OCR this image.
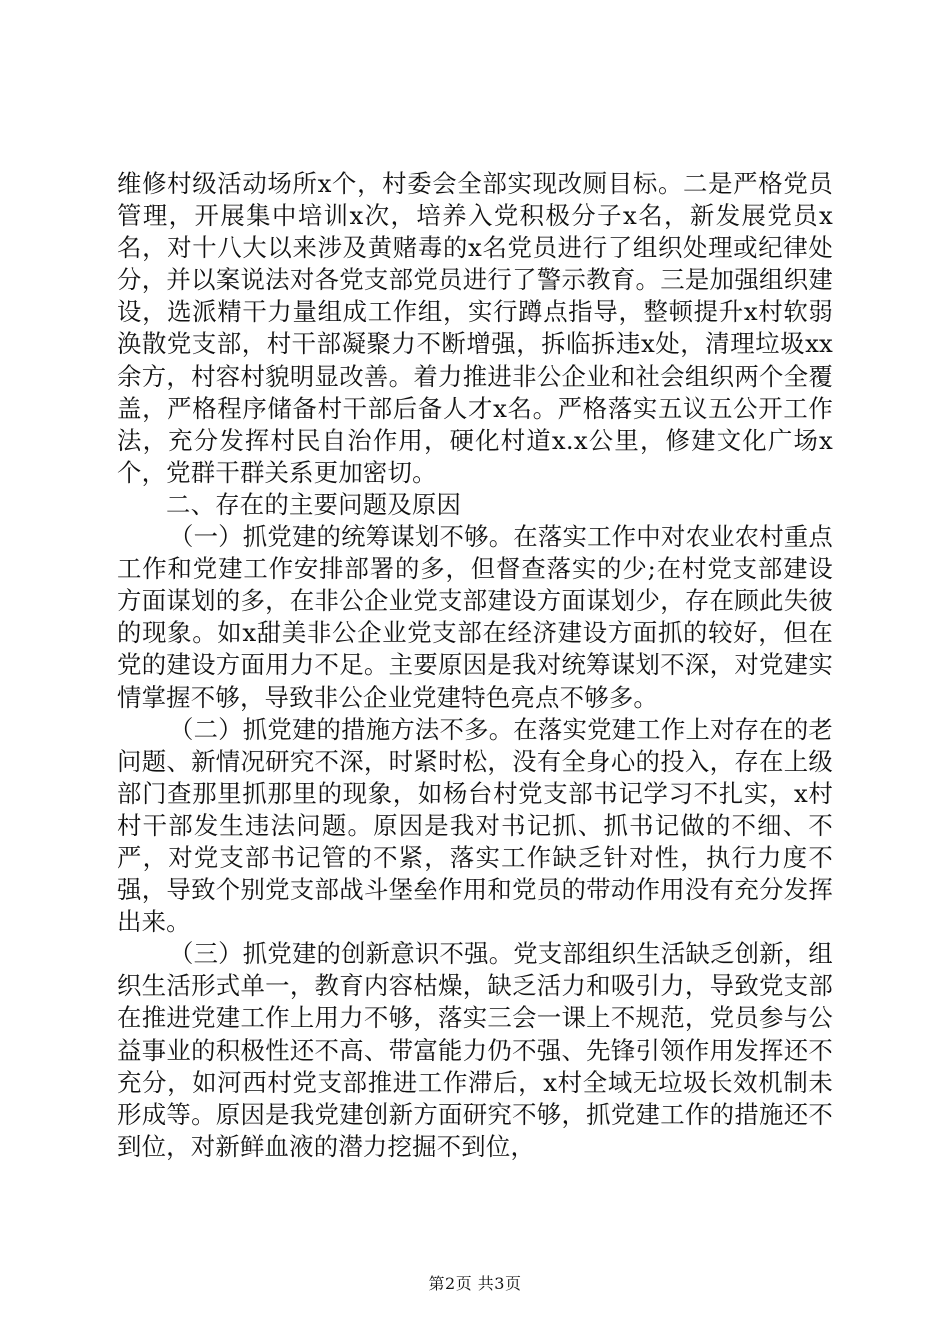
维修村级活动场所x个，村委会全部实现改厕目标。二是严格党员管理，开展集中培训x次，培养入党积极分子x名，新发展党员x名，对十八大以来涉及黄赌毒的x名党员进行了组织处理或纪律处分，并以案说法对各党支部党员进行了警示教育。三是加强组织建设，选派精干力量组成工作组，实行蹲点指导，整顿提升x村软弱涣散党支部，村干部凝聚力不断增强，拆临拆违x处，清理垃圾xx余方，村容村貌明显改善。着力推进非公企业和社会组织两个全覆盖，严格程序储备村干部后备人才x名。严格落实五议五公开工作法，充分发挥村民自治作用，硬化村道x.x公里，修建文化广场x个，党群干群关系更加密切。

二、存在的主要问题及原因

（一）抓党建的统筹谋划不够。在落实工作中对农业农村重点工作和党建工作安排部署的多，但督查落实的少;在村党支部建设方面谋划的多，在非公企业党支部建设方面谋划少，存在顾此失彼的现象。如x甜美非公企业党支部在经济建设方面抓的较好，但在党的建设方面用力不足。主要原因是我对统筹谋划不深，对党建实情掌握不够，导致非公企业党建特色亮点不够多。

（二）抓党建的措施方法不多。在落实党建工作上对存在的老问题、新情况研究不深，时紧时松，没有全身心的投入，存在上级部门查那里抓那里的现象，如杨台村党支部书记学习不扎实，x村村干部发生违法问题。原因是我对书记抓、抓书记做的不细、不严，对党支部书记管的不紧，落实工作缺乏针对性，执行力度不强，导致个别党支部战斗堡垒作用和党员的带动作用没有充分发挥出来。

（三）抓党建的创新意识不强。党支部组织生活缺乏创新，组织生活形式单一，教育内容枯燥，缺乏活力和吸引力，导致党支部在推进党建工作上用力不够，落实三会一课上不规范，党员参与公益事业的积极性还不高、带富能力仍不强、先锋引领作用发挥还不充分，如河西村党支部推进工作滞后，x村全域无垃圾长效机制未形成等。原因是我党建创新方面研究不够，抓党建工作的措施还不到位，对新鲜血液的潜力挖掘不到位，

第2页 共3页
